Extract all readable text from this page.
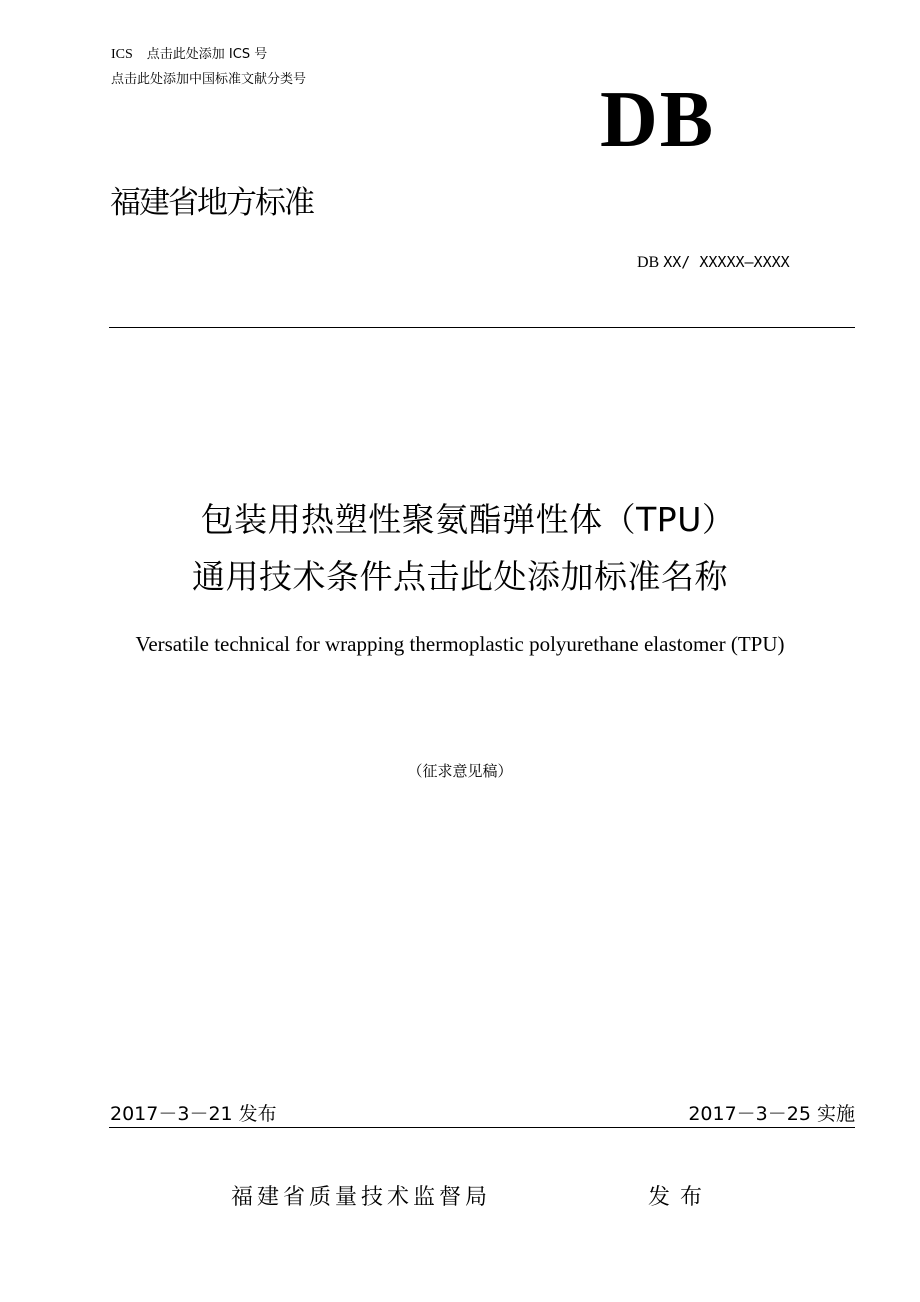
ICS 点击此处添加 ICS 号
点击此处添加中国标准文献分类号	DB
福建省地方标准
DB XX/ XXXXX—XXXX
包装用热塑性聚氨酯弹性体（TPU）
通用技术条件点击此处添加标准名称
Versatile technical for wrapping thermoplastic polyurethane elastomer (TPU)
（征求意见稿）
2017－3－21 发布	2017－3－25 实施
福建省质量技术监督局	发布
